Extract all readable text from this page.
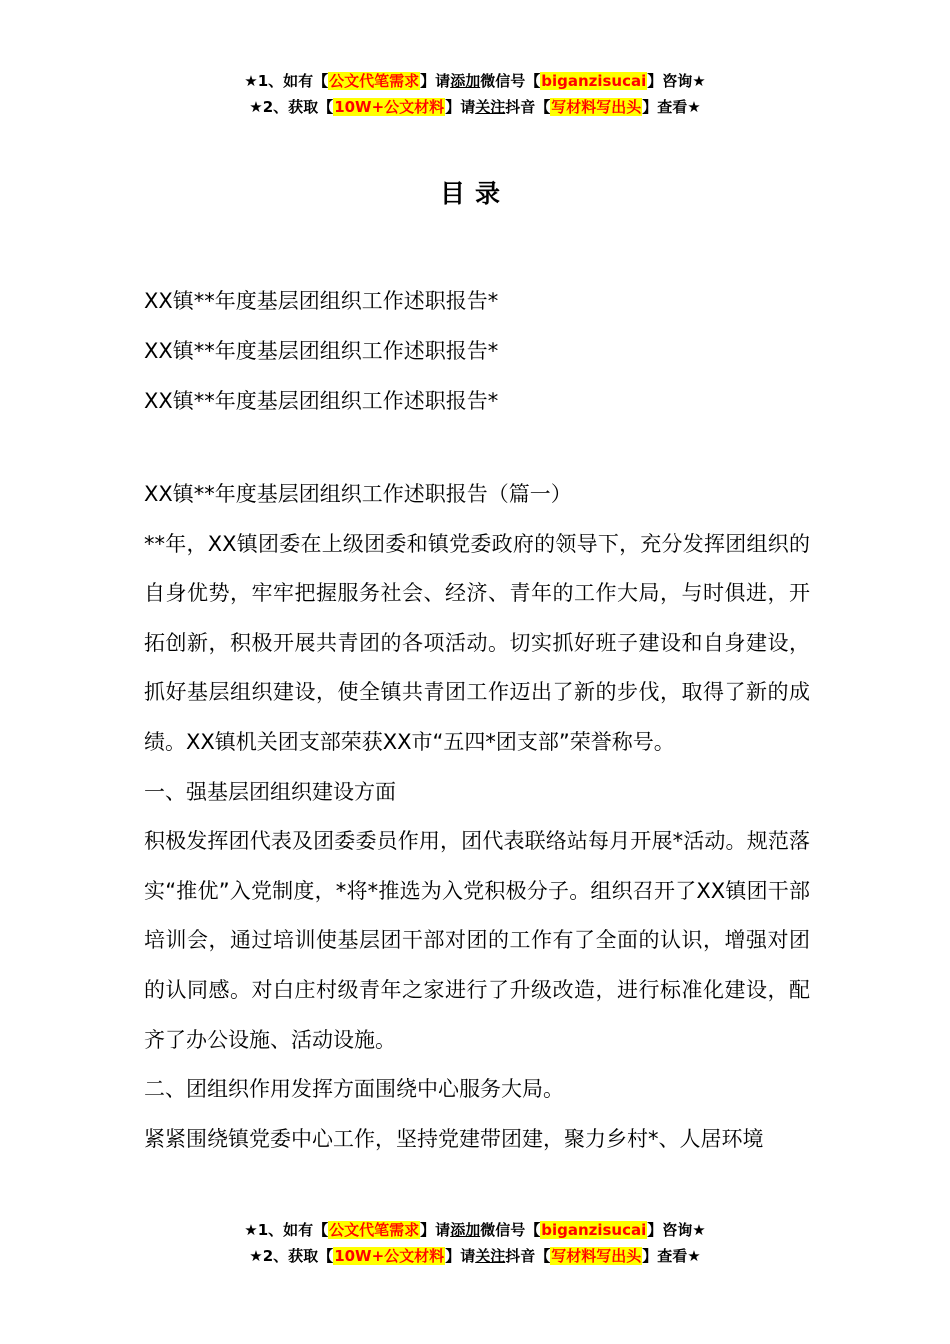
★1、如有【公文代笔需求】请添加微信号【biganzisucai】咨询★
★2、获取【10W+公文材料】请关注抖音【写材料写出头】查看★
目录
XX镇**年度基层团组织工作述职报告*
XX镇**年度基层团组织工作述职报告*
XX镇**年度基层团组织工作述职报告*

XX镇**年度基层团组织工作述职报告（篇一）

**年，XX镇团委在上级团委和镇党委政府的领导下，充分发挥团组织的自身优势，牢牢把握服务社会、经济、青年的工作大局，与时俱进，开拓创新，积极开展共青团的各项活动。切实抓好班子建设和自身建设，抓好基层组织建设，使全镇共青团工作迈出了新的步伐，取得了新的成绩。XX镇机关团支部荣获XX市“五四*团支部”荣誉称号。

一、强基层团组织建设方面

积极发挥团代表及团委委员作用，团代表联络站每月开展*活动。规范落实“推优”入党制度，*将*推选为入党积极分子。组织召开了XX镇团干部培训会，通过培训使基层团干部对团的工作有了全面的认识，增强对团的认同感。对白庄村级青年之家进行了升级改造，进行标准化建设，配齐了办公设施、活动设施。

二、团组织作用发挥方面围绕中心服务大局。

紧紧围绕镇党委中心工作，坚持党建带团建，聚力乡村*、人居环境

★1、如有【公文代笔需求】请添加微信号【biganzisucai】咨询★
★2、获取【10W+公文材料】请关注抖音【写材料写出头】查看★
